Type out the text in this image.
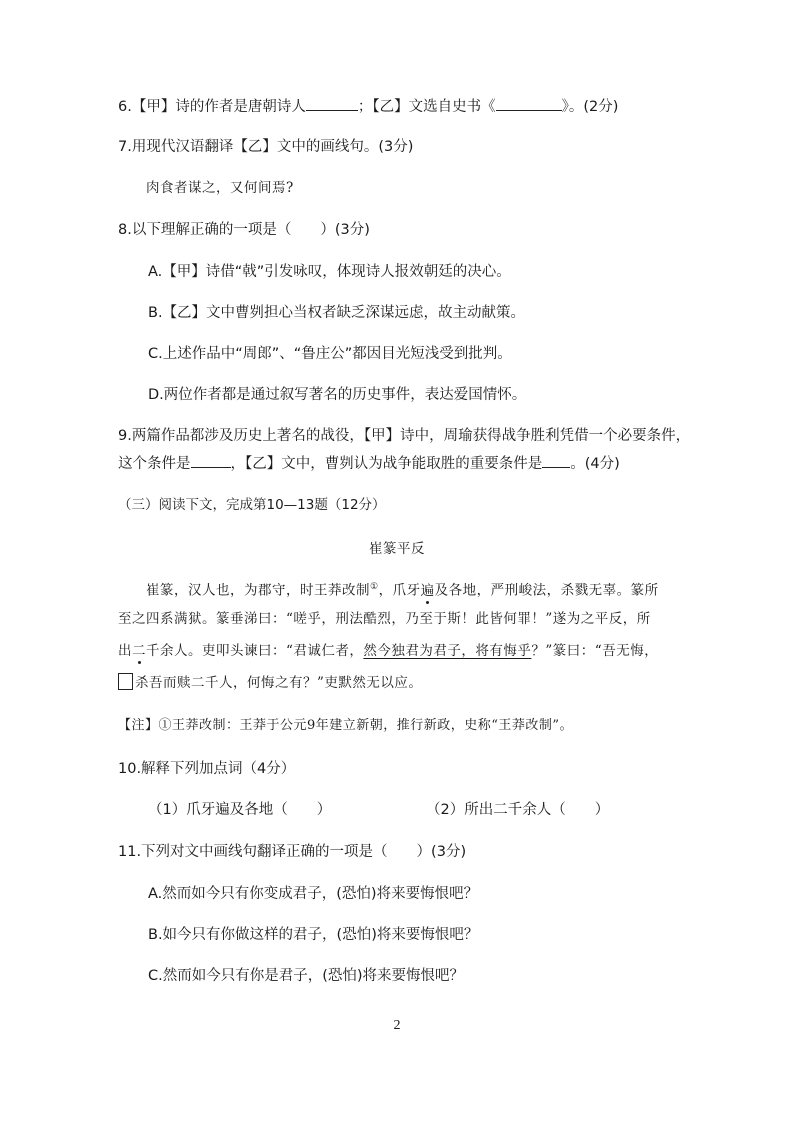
6.【甲】诗的作者是唐朝诗人	；【乙】文选自史书《	》。(2分)
7.用现代汉语翻译【乙】文中的画线句。(3分)
肉食者谋之，又何间焉?
8.以下理解正确的一项是（　　）(3分)
A.【甲】诗借“戟”引发咏叹，体现诗人报效朝廷的决心。
B.【乙】文中曹刿担心当权者缺乏深谋远虑，故主动献策。
C.上述作品中“周郎”、“鲁庄公”都因目光短浅受到批判。
D.两位作者都是通过叙写著名的历史事件，表达爱国情怀。
9.两篇作品都涉及历史上著名的战役，【甲】诗中，周瑜获得战争胜利凭借一个必要条件，
这个条件是	，【乙】文中，曹刿认为战争能取胜的重要条件是 。(4分)
（三）阅读下文，完成第10—13题（12分）
崔篆平反
崔篆，汉人也，为郡守，时王莽改制①，爪牙遍及各地，严刑峻法，杀戮无辜。篆所
至之四系满狱。篆垂涕曰：“嗟乎，刑法酷烈，乃至于斯！此皆何罪！”遂为之平反，所
出二千余人。吏叩头谏曰：“君诚仁者，然今独君为君子，将有悔乎？”篆曰：“吾无悔，
杀吾而赎二千人，何悔之有？”吏默然无以应。
【注】①王莽改制：王莽于公元9年建立新朝，推行新政，史称“王莽改制”。
10.解释下列加点词（4分）
（1）爪牙遍及各地（　　）	（2）所出二千余人（　　）
11.下列对文中画线句翻译正确的一项是（　　）(3分)
A.然而如今只有你变成君子，(恐怕)将来要悔恨吧？
B.如今只有你做这样的君子，(恐怕)将来要悔恨吧？
C.然而如今只有你是君子，(恐怕)将来要悔恨吧？
2
